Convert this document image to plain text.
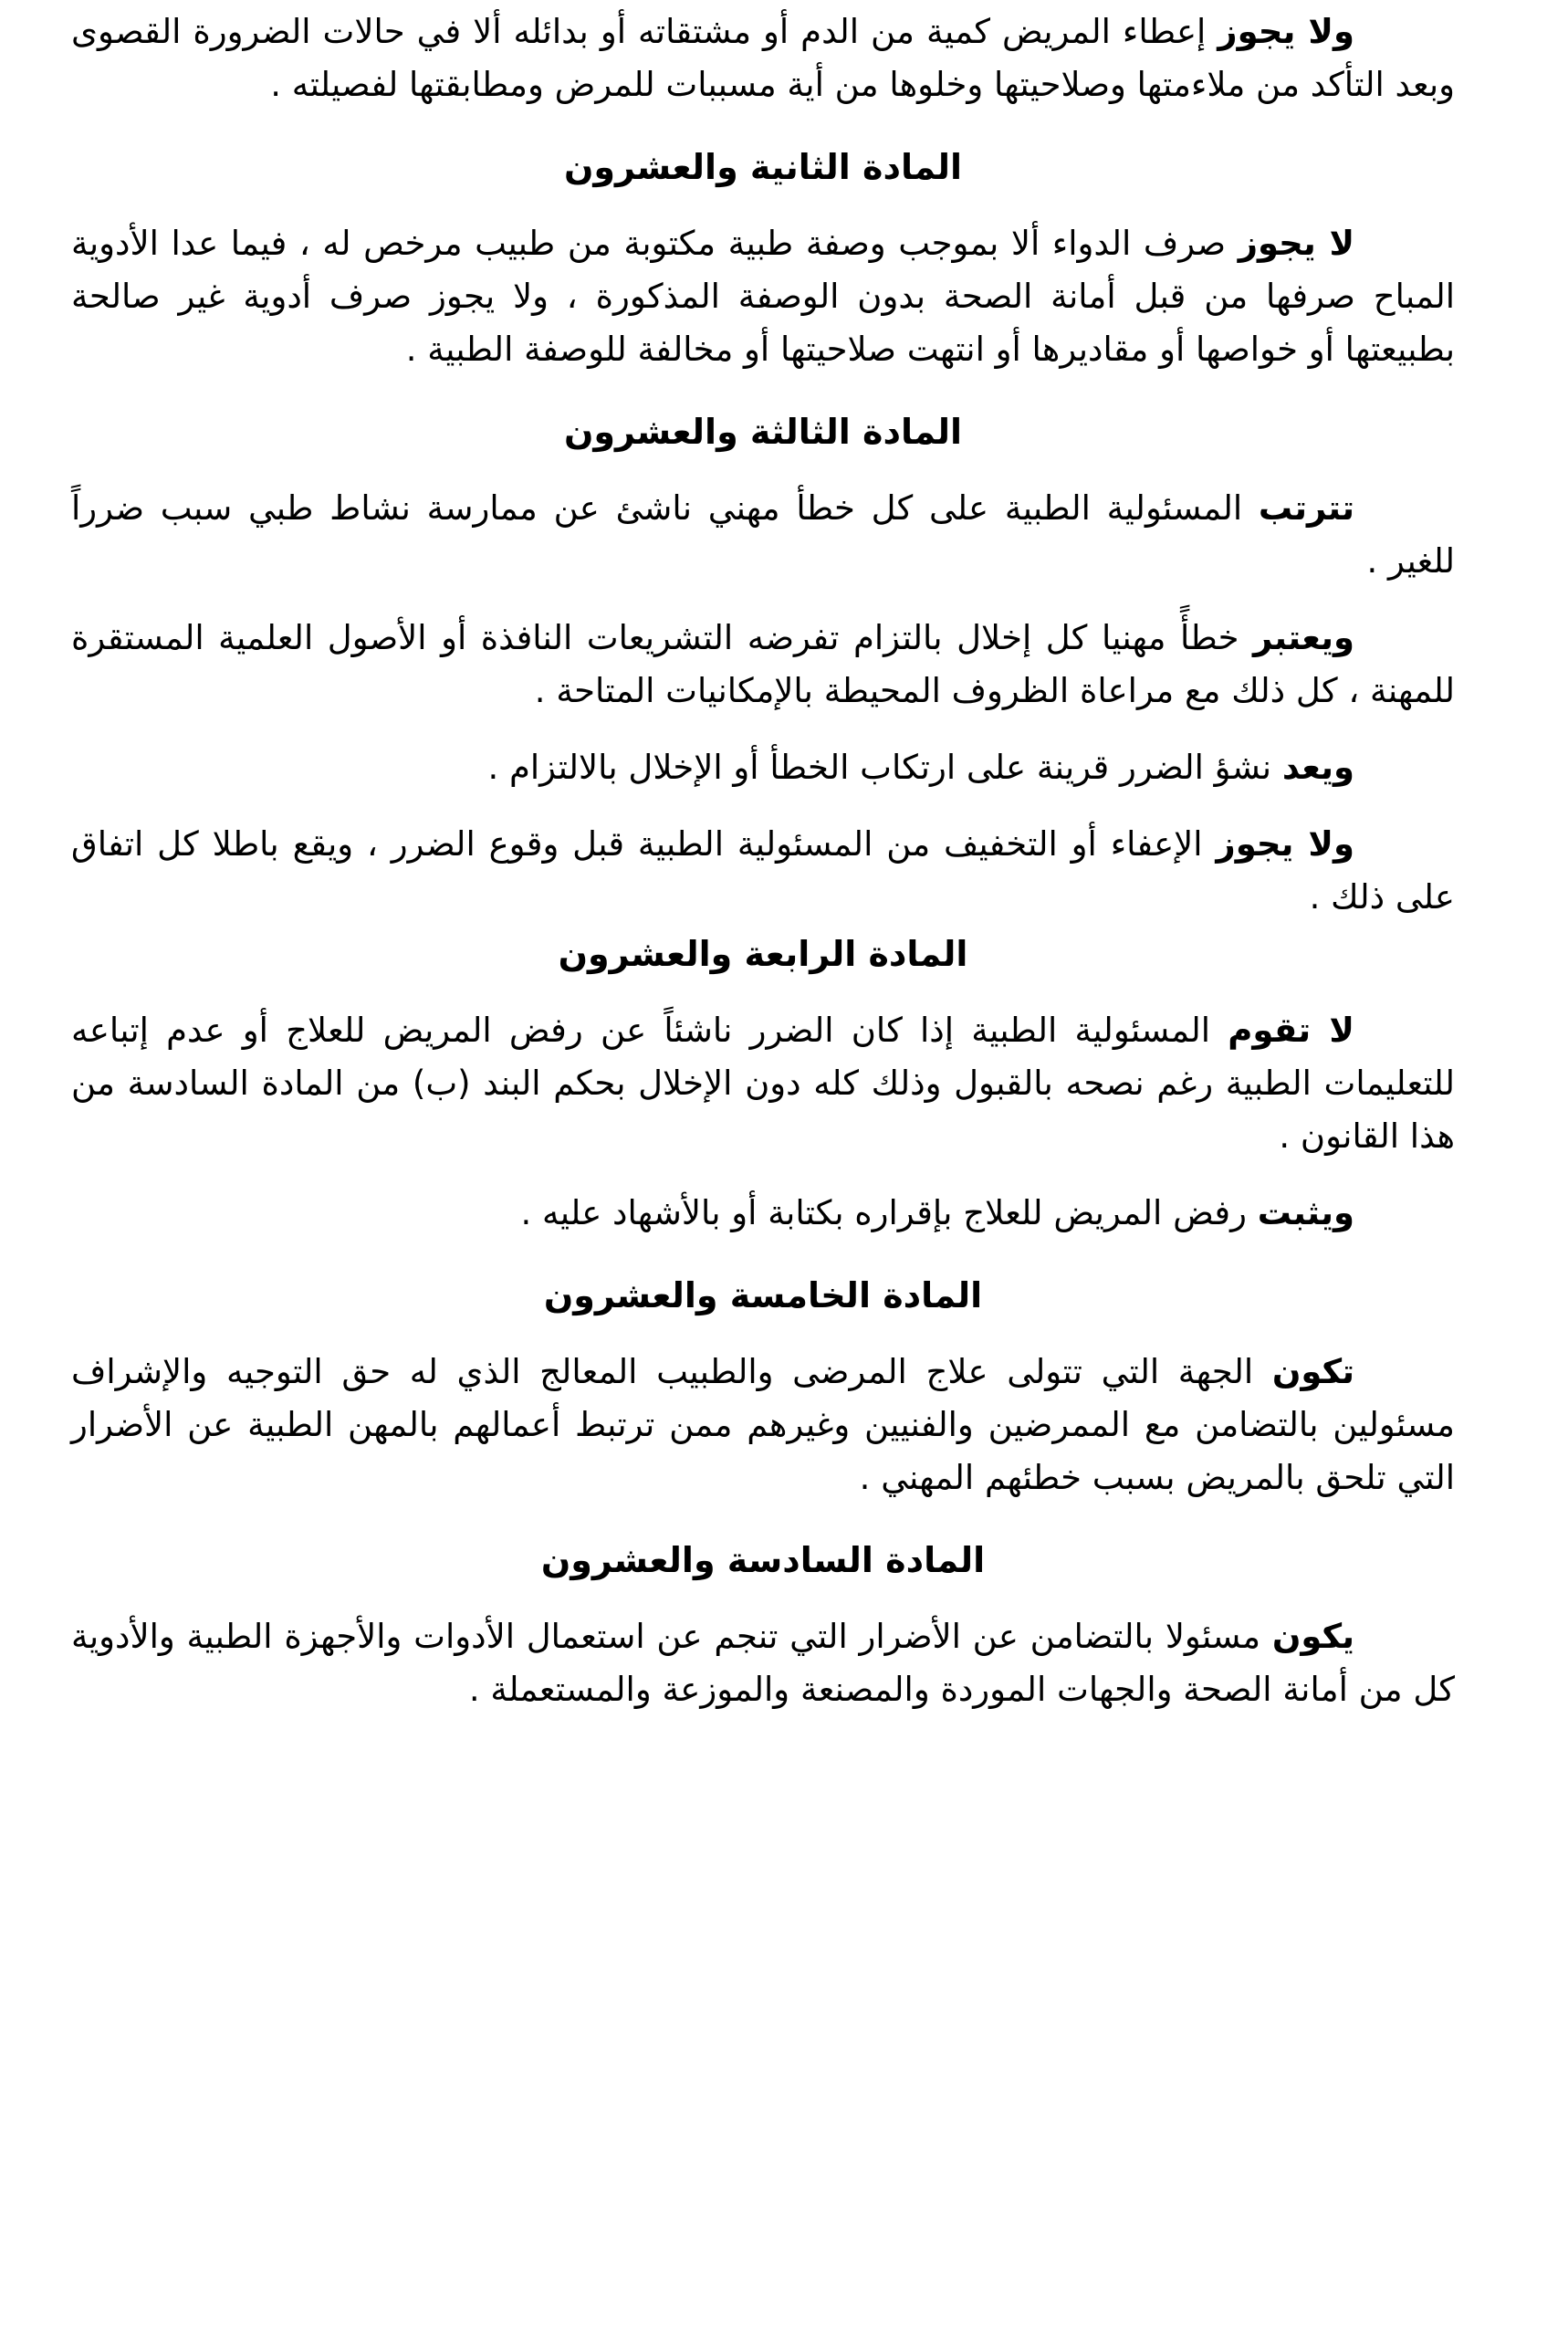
ولا يجوز إعطاء المريض كمية من الدم أو مشتقاته أو بدائله ألا في حالات الضرورة القصوى وبعد التأكد من ملاءمتها وصلاحيتها وخلوها من أية مسببات للمرض ومطابقتها لفصيلته .

المادة الثانية والعشرون

لا يجوز صرف الدواء ألا بموجب وصفة طبية مكتوبة من طبيب مرخص له ، فيما عدا الأدوية المباح صرفها من قبل أمانة الصحة بدون الوصفة المذكورة ، ولا يجوز صرف أدوية غير صالحة بطبيعتها أو خواصها أو مقاديرها أو انتهت صلاحيتها أو مخالفة للوصفة الطبية .

المادة الثالثة والعشرون

تترتب المسئولية الطبية على كل خطأ مهني ناشئ عن ممارسة نشاط طبي سبب ضرراً للغير .

ويعتبر خطأً مهنيا كل إخلال بالتزام تفرضه التشريعات النافذة أو الأصول العلمية المستقرة للمهنة ، كل ذلك مع مراعاة الظروف المحيطة بالإمكانيات المتاحة .

ويعد نشؤ الضرر قرينة على ارتكاب الخطأ أو الإخلال بالالتزام .

ولا يجوز الإعفاء أو التخفيف من المسئولية الطبية قبل وقوع الضرر ، ويقع باطلا كل اتفاق على ذلك .

المادة الرابعة والعشرون

لا تقوم المسئولية الطبية إذا كان الضرر ناشئاً عن رفض المريض للعلاج أو عدم إتباعه للتعليمات الطبية رغم نصحه بالقبول وذلك كله دون الإخلال بحكم البند (ب) من المادة السادسة من هذا القانون .

ويثبت رفض المريض للعلاج بإقراره بكتابة أو بالأشهاد عليه .

المادة الخامسة والعشرون

تكون الجهة التي تتولى علاج المرضى والطبيب المعالج الذي له حق التوجيه والإشراف مسئولين بالتضامن مع الممرضين والفنيين وغيرهم ممن ترتبط أعمالهم بالمهن الطبية عن الأضرار التي تلحق بالمريض بسبب خطئهم المهني .

المادة السادسة والعشرون

يكون مسئولا بالتضامن عن الأضرار التي تنجم عن استعمال الأدوات والأجهزة الطبية والأدوية كل من أمانة الصحة والجهات الموردة والمصنعة والموزعة والمستعملة .
